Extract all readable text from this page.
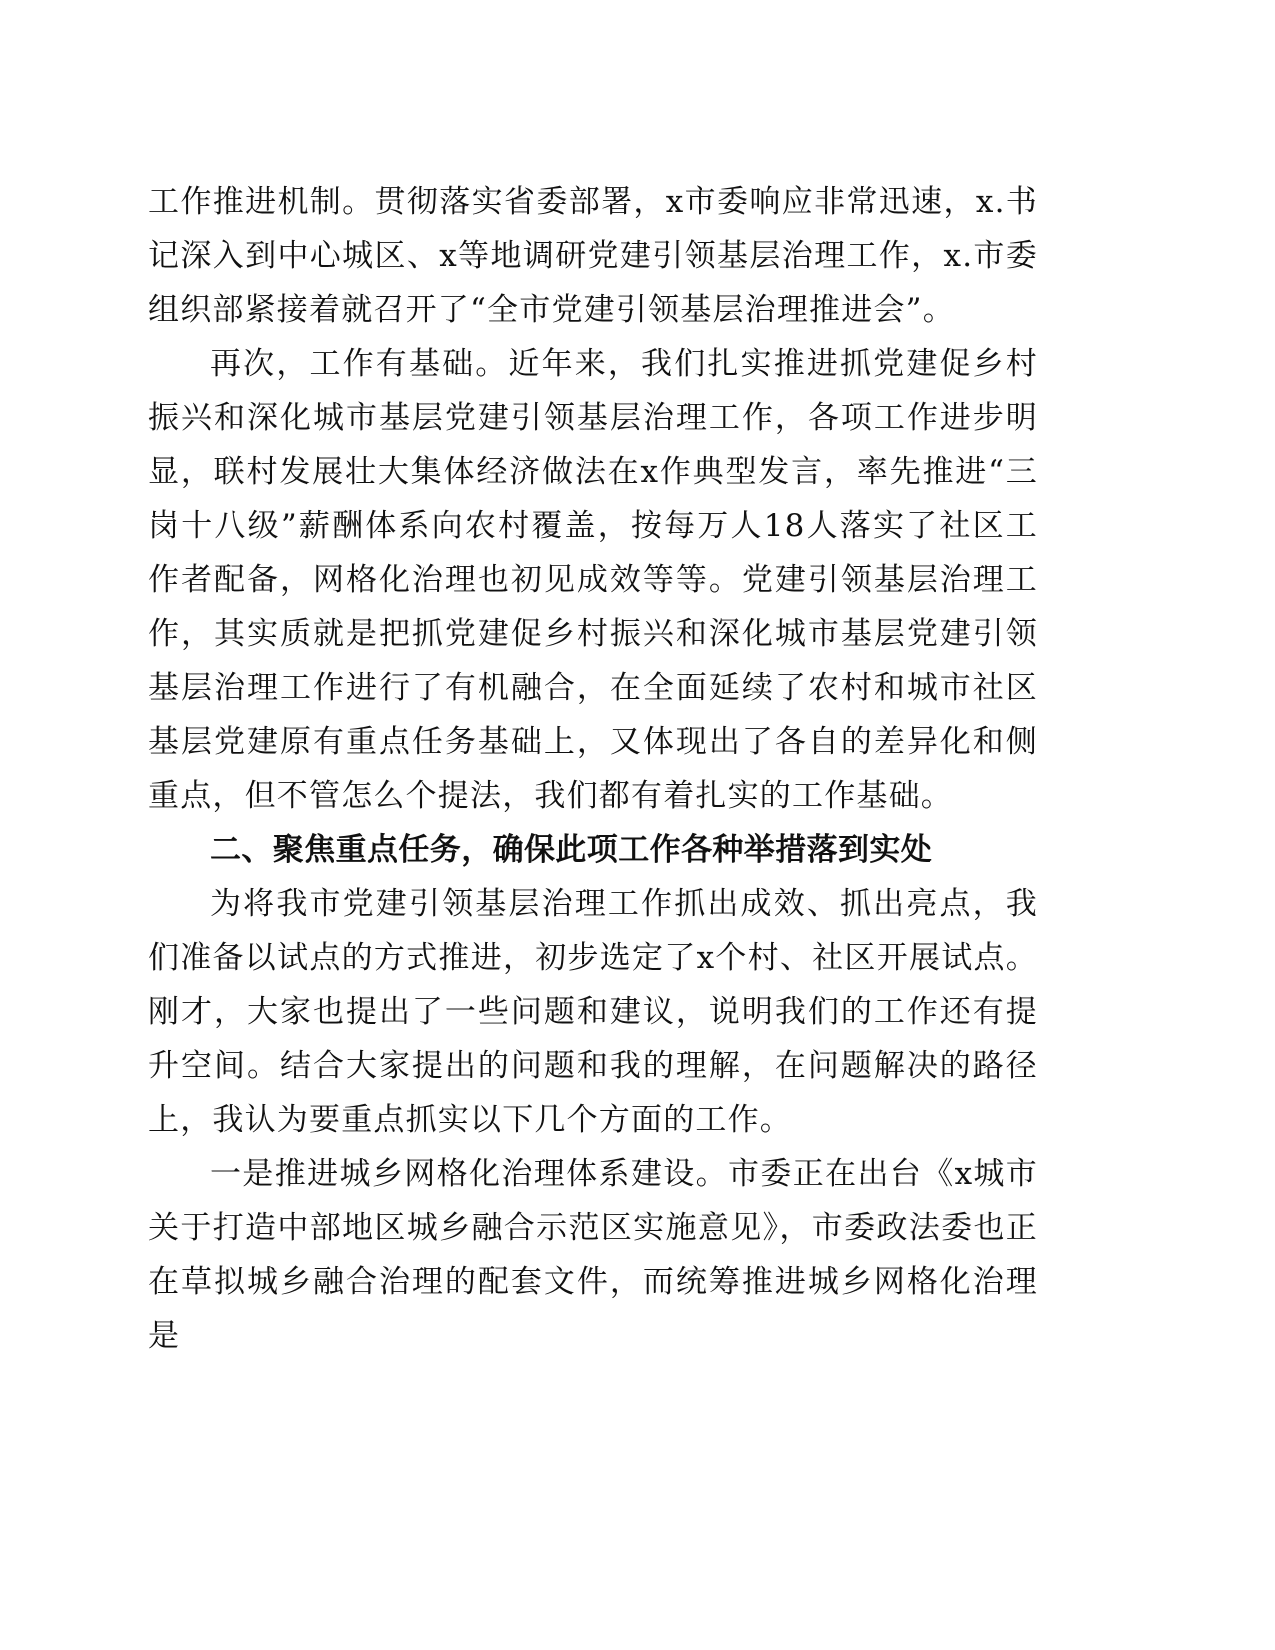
工作推进机制。贯彻落实省委部署，x市委响应非常迅速，x.书记深入到中心城区、x等地调研党建引领基层治理工作，x.市委组织部紧接着就召开了“全市党建引领基层治理推进会”。

再次，工作有基础。近年来，我们扎实推进抓党建促乡村振兴和深化城市基层党建引领基层治理工作，各项工作进步明显，联村发展壮大集体经济做法在x作典型发言，率先推进“三岗十八级”薪酬体系向农村覆盖，按每万人18人落实了社区工作者配备，网格化治理也初见成效等等。党建引领基层治理工作，其实质就是把抓党建促乡村振兴和深化城市基层党建引领基层治理工作进行了有机融合，在全面延续了农村和城市社区基层党建原有重点任务基础上，又体现出了各自的差异化和侧重点，但不管怎么个提法，我们都有着扎实的工作基础。

二、聚焦重点任务，确保此项工作各种举措落到实处

为将我市党建引领基层治理工作抓出成效、抓出亮点，我们准备以试点的方式推进，初步选定了x个村、社区开展试点。刚才，大家也提出了一些问题和建议，说明我们的工作还有提升空间。结合大家提出的问题和我的理解，在问题解决的路径上，我认为要重点抓实以下几个方面的工作。

一是推进城乡网格化治理体系建设。市委正在出台《x城市关于打造中部地区城乡融合示范区实施意见》，市委政法委也正在草拟城乡融合治理的配套文件，而统筹推进城乡网格化治理是
